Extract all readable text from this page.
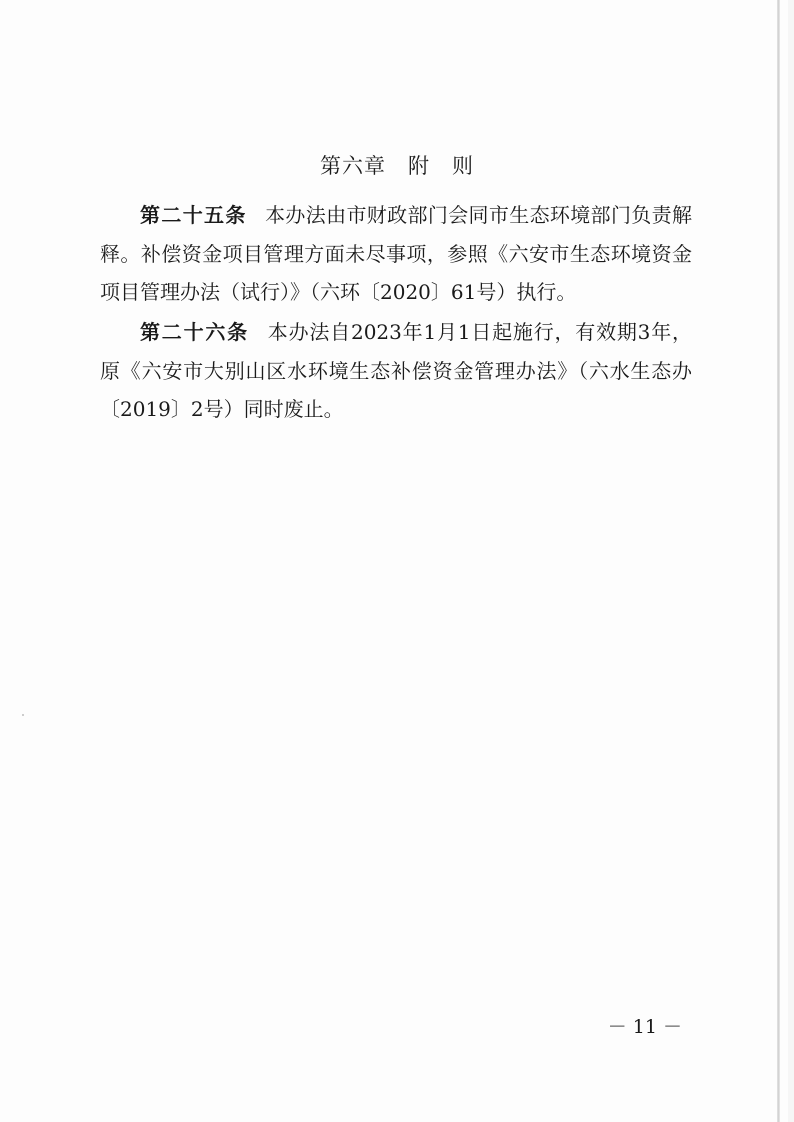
第六章　附　则

第二十五条 本办法由市财政部门会同市生态环境部门负责解释。补偿资金项目管理方面未尽事项，参照《六安市生态环境资金项目管理办法（试行）》（六环〔2020〕61号）执行。

第二十六条 本办法自2023年1月1日起施行，有效期3年，原《六安市大别山区水环境生态补偿资金管理办法》（六水生态办〔2019〕2号）同时废止。

－ 11 －
